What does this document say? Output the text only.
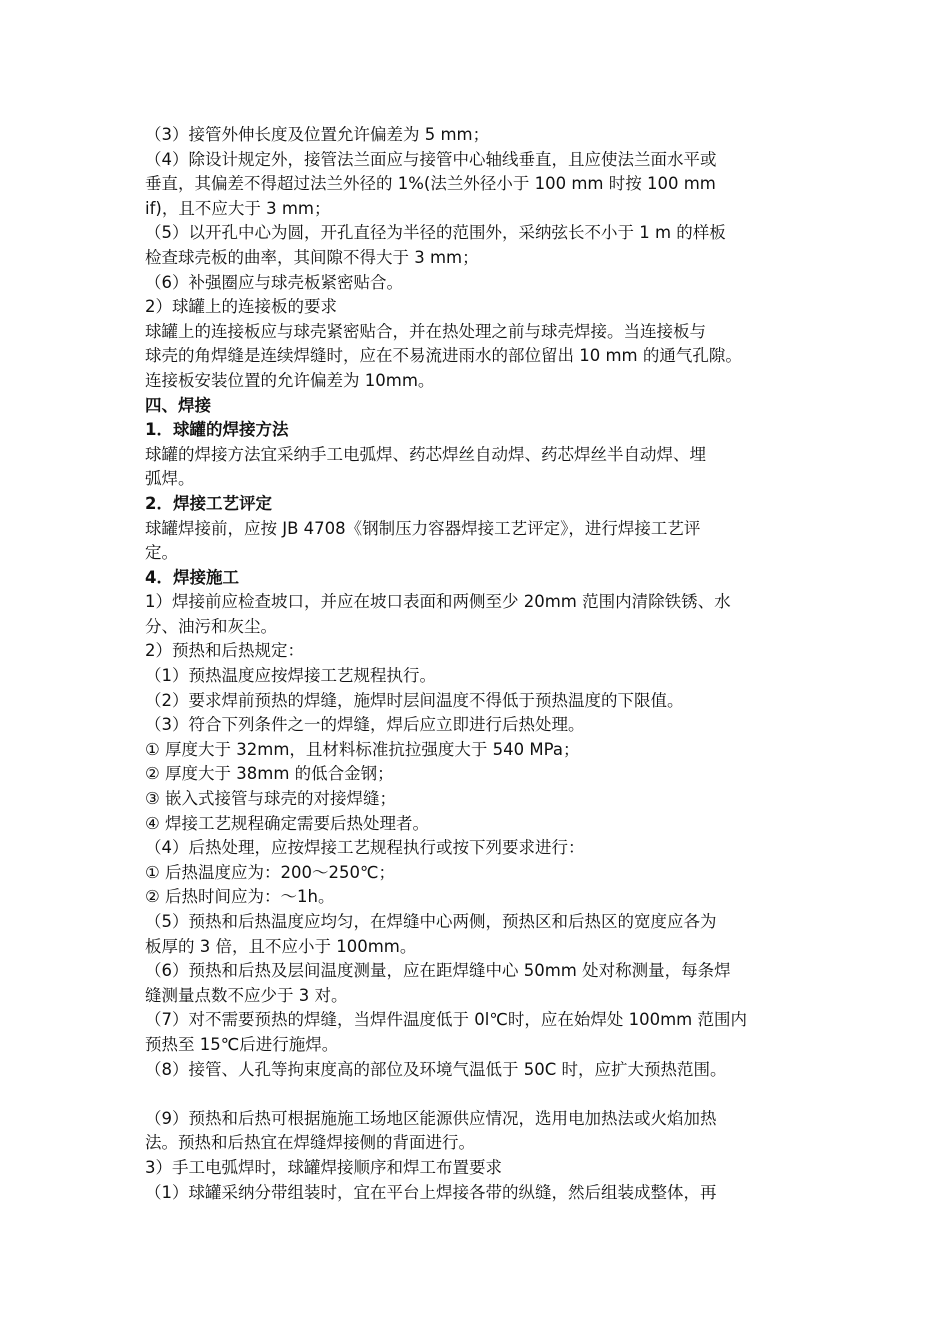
（3）接管外伸长度及位置允许偏差为 5 mm；
（4）除设计规定外，接管法兰面应与接管中心轴线垂直，且应使法兰面水平或
垂直，其偏差不得超过法兰外径的 1%(法兰外径小于 100 mm 时按 100 mm
if)，且不应大于 3 mm；
（5）以开孔中心为圆，开孔直径为半径的范围外，采纳弦长不小于 1 m 的样板
检查球壳板的曲率，其间隙不得大于 3 mm；
（6）补强圈应与球壳板紧密贴合。
2）球罐上的连接板的要求
球罐上的连接板应与球壳紧密贴合，并在热处理之前与球壳焊接。当连接板与
球壳的角焊缝是连续焊缝时，应在不易流进雨水的部位留出 10 mm 的通气孔隙。
连接板安装位置的允许偏差为 10mm。
四、焊接
1．球罐的焊接方法
球罐的焊接方法宜采纳手工电弧焊、药芯焊丝自动焊、药芯焊丝半自动焊、埋
弧焊。
2．焊接工艺评定
球罐焊接前，应按 JB 4708《钢制压力容器焊接工艺评定》，进行焊接工艺评
定。
4．焊接施工
1）焊接前应检查坡口，并应在坡口表面和两侧至少 20mm 范围内清除铁锈、水
分、油污和灰尘。
2）预热和后热规定：
（1）预热温度应按焊接工艺规程执行。
（2）要求焊前预热的焊缝，施焊时层间温度不得低于预热温度的下限值。
（3）符合下列条件之一的焊缝，焊后应立即进行后热处理。
① 厚度大于 32mm，且材料标准抗拉强度大于 540 MPa；
② 厚度大于 38mm 的低合金钢；
③ 嵌入式接管与球壳的对接焊缝；
④ 焊接工艺规程确定需要后热处理者。
（4）后热处理，应按焊接工艺规程执行或按下列要求进行：
① 后热温度应为：200～250℃；
② 后热时间应为：～1h。
（5）预热和后热温度应均匀，在焊缝中心两侧，预热区和后热区的宽度应各为
板厚的 3 倍，且不应小于 100mm。
（6）预热和后热及层间温度测量，应在距焊缝中心 50mm 处对称测量，每条焊
缝测量点数不应少于 3 对。
（7）对不需要预热的焊缝，当焊件温度低于 0l℃时，应在始焊处 100mm 范围内
预热至 15℃后进行施焊。
（8）接管、人孔等拘束度高的部位及环境气温低于 50C 时，应扩大预热范围。
（9）预热和后热可根据施施工场地区能源供应情况，选用电加热法或火焰加热
法。预热和后热宜在焊缝焊接侧的背面进行。
3）手工电弧焊时，球罐焊接顺序和焊工布置要求
（1）球罐采纳分带组装时，宜在平台上焊接各带的纵缝，然后组装成整体，再
